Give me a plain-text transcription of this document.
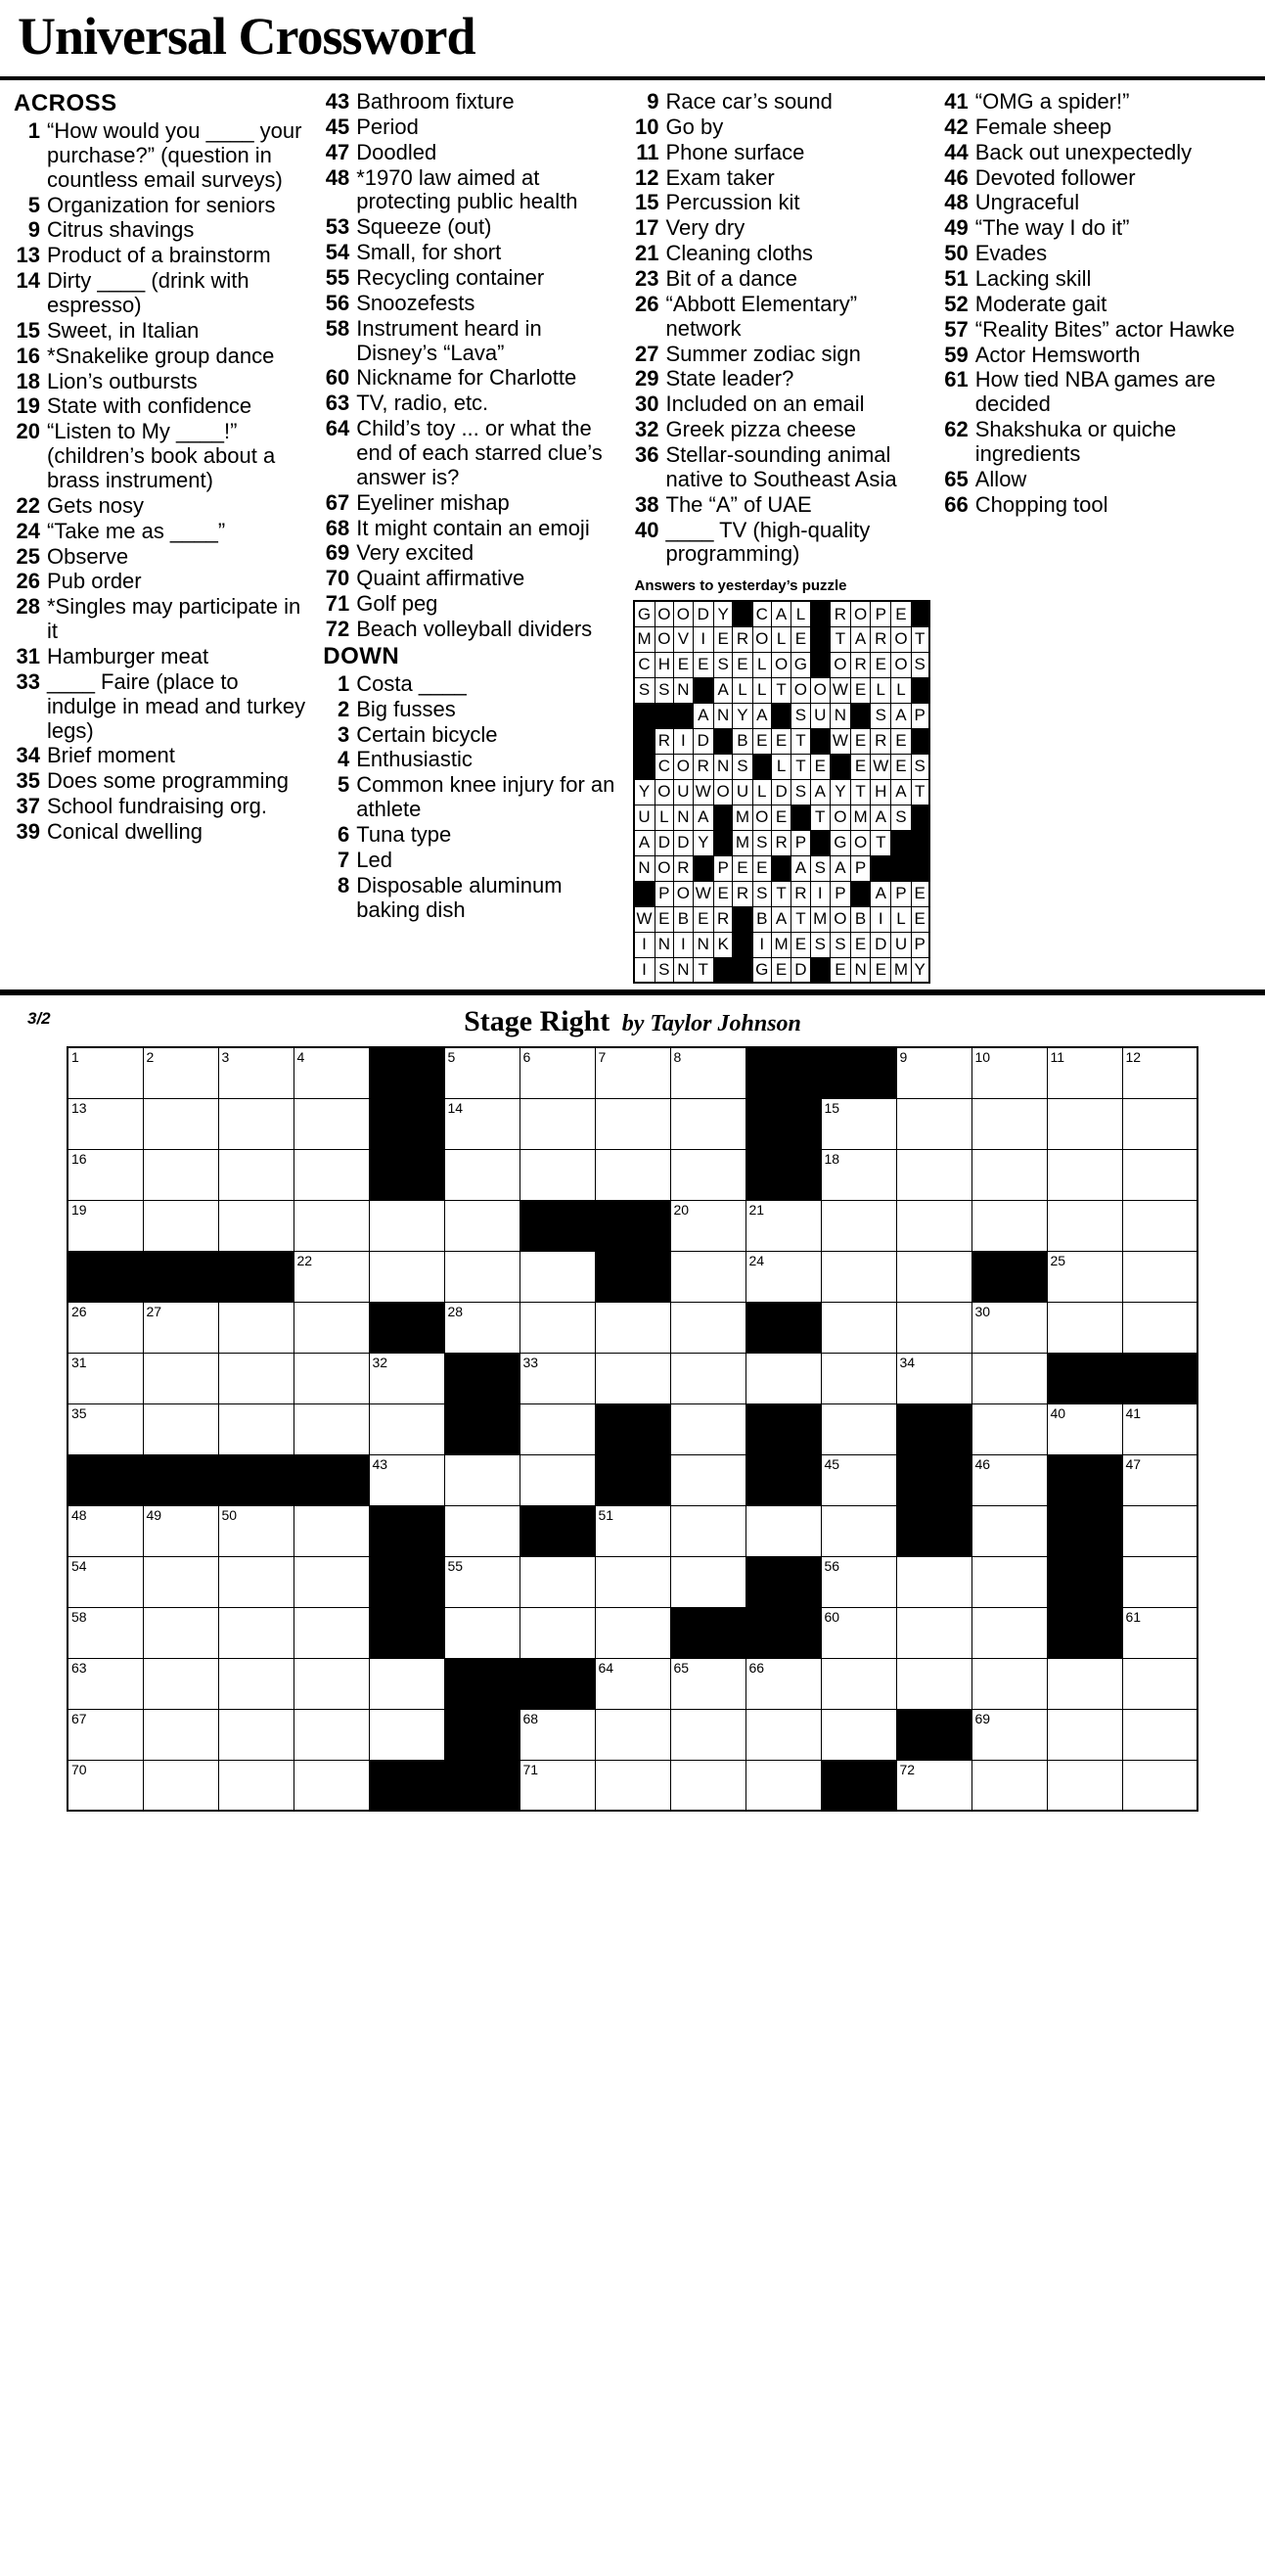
Universal Crossword
ACROSS
1 “How would you ____ your purchase?” (question in countless email surveys)
5 Organization for seniors
9 Citrus shavings
13 Product of a brainstorm
14 Dirty ____ (drink with espresso)
15 Sweet, in Italian
16 *Snakelike group dance
18 Lion’s outbursts
19 State with confidence
20 “Listen to My ____!” (children’s book about a brass instrument)
22 Gets nosy
24 “Take me as ____”
25 Observe
26 Pub order
28 *Singles may participate in it
31 Hamburger meat
33 ____ Faire (place to indulge in mead and turkey legs)
34 Brief moment
35 Does some programming
37 School fundraising org.
39 Conical dwelling
43 Bathroom fixture
45 Period
47 Doodled
48 *1970 law aimed at protecting public health
53 Squeeze (out)
54 Small, for short
55 Recycling container
56 Snoozefests
58 Instrument heard in Disney’s “Lava”
60 Nickname for Charlotte
63 TV, radio, etc.
64 Child’s toy ... or what the end of each starred clue’s answer is?
67 Eyeliner mishap
68 It might contain an emoji
69 Very excited
70 Quaint affirmative
71 Golf peg
72 Beach volleyball dividers
DOWN
1 Costa ____
2 Big fusses
3 Certain bicycle
4 Enthusiastic
5 Common knee injury for an athlete
6 Tuna type
7 Led
8 Disposable aluminum baking dish
9 Race car’s sound
10 Go by
11 Phone surface
12 Exam taker
15 Percussion kit
17 Very dry
21 Cleaning cloths
23 Bit of a dance
26 “Abbott Elementary” network
27 Summer zodiac sign
29 State leader?
30 Included on an email
32 Greek pizza cheese
36 Stellar-sounding animal native to Southeast Asia
38 The “A” of UAE
40 ____ TV (high-quality programming)
Answers to yesterday’s puzzle
G	O	O	D	Y		C	A	L		R	O	P	E	
M	O	V	I	E	R	O	L	E		T	A	R	O	T
C	H	E	E	S	E	L	O	G		O	R	E	O	S
S	S	N		A	L	L	T	O	O	W	E	L	L	
			A	N	Y	A		S	U	N		S	A	P
	R	I	D		B	E	E	T		W	E	R	E	
	C	O	R	N	S		L	T	E		E	W	E	S
Y	O	U	W	O	U	L	D	S	A	Y	T	H	A	T
U	L	N	A		M	O	E		T	O	M	A	S	
A	D	D	Y		M	S	R	P		G	O	T		
N	O	R		P	E	E		A	S	A	P			
	P	O	W	E	R	S	T	R	I	P		A	P	E
W	E	B	E	R		B	A	T	M	O	B	I	L	E
I	N	I	N	K		I	M	E	S	S	E	D	U	P
I	S	N	T			G	E	D		E	N	E	M	Y
41 “OMG a spider!”
42 Female sheep
44 Back out unexpectedly
46 Devoted follower
48 Ungraceful
49 “The way I do it”
50 Evades
51 Lacking skill
52 Moderate gait
57 “Reality Bites” actor Hawke
59 Actor Hemsworth
61 How tied NBA games are decided
62 Shakshuka or quiche ingredients
65 Allow
66 Chopping tool
3/2	Stage Right by Taylor Johnson
1	2	3	4		5	6	7	8			9	10	11	12
13					14					15				
16										18				
19								20	21					
			22						24				25	
26	27				28							30		
31				32		33					34			
35													40	41
				43						45		46		47
48	49	50					51							
54					55					56				
58										60				61
63							64	65	66					
67						68						69		
70						71					72			
